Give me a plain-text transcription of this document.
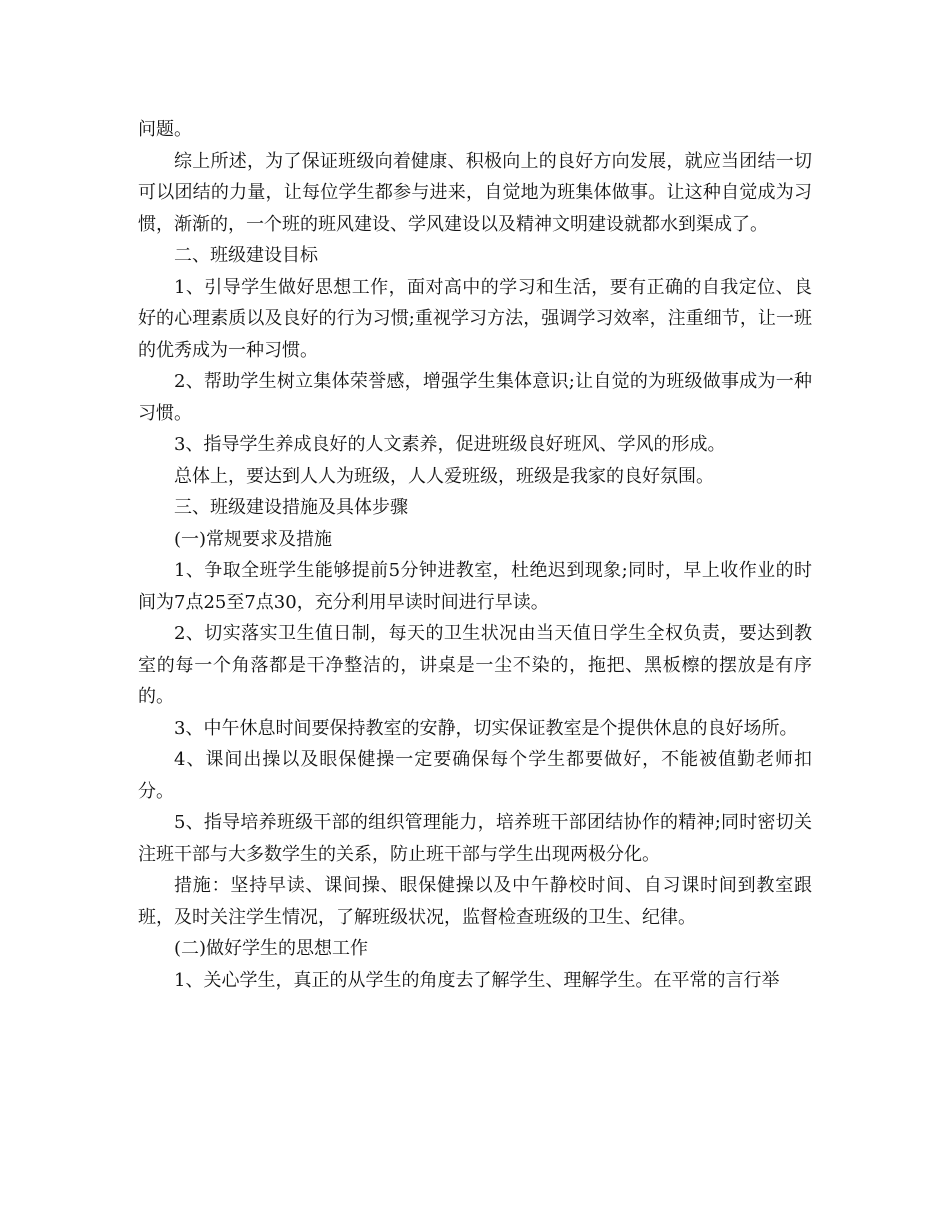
问题。

综上所述，为了保证班级向着健康、积极向上的良好方向发展，就应当团结一切可以团结的力量，让每位学生都参与进来，自觉地为班集体做事。让这种自觉成为习惯，渐渐的，一个班的班风建设、学风建设以及精神文明建设就都水到渠成了。

二、班级建设目标

1、引导学生做好思想工作，面对高中的学习和生活，要有正确的自我定位、良好的心理素质以及良好的行为习惯;重视学习方法，强调学习效率，注重细节，让一班的优秀成为一种习惯。

2、帮助学生树立集体荣誉感，增强学生集体意识;让自觉的为班级做事成为一种习惯。

3、指导学生养成良好的人文素养，促进班级良好班风、学风的形成。

总体上，要达到人人为班级，人人爱班级，班级是我家的良好氛围。

三、班级建设措施及具体步骤

(一)常规要求及措施

1、争取全班学生能够提前5分钟进教室，杜绝迟到现象;同时，早上收作业的时间为7点25至7点30，充分利用早读时间进行早读。

2、切实落实卫生值日制，每天的卫生状况由当天值日学生全权负责，要达到教室的每一个角落都是干净整洁的，讲桌是一尘不染的，拖把、黑板檫的摆放是有序的。

3、中午休息时间要保持教室的安静，切实保证教室是个提供休息的良好场所。

4、课间出操以及眼保健操一定要确保每个学生都要做好，不能被值勤老师扣分。

5、指导培养班级干部的组织管理能力，培养班干部团结协作的精神;同时密切关注班干部与大多数学生的关系，防止班干部与学生出现两极分化。

措施：坚持早读、课间操、眼保健操以及中午静校时间、自习课时间到教室跟班，及时关注学生情况，了解班级状况，监督检查班级的卫生、纪律。

(二)做好学生的思想工作

1、关心学生，真正的从学生的角度去了解学生、理解学生。在平常的言行举
